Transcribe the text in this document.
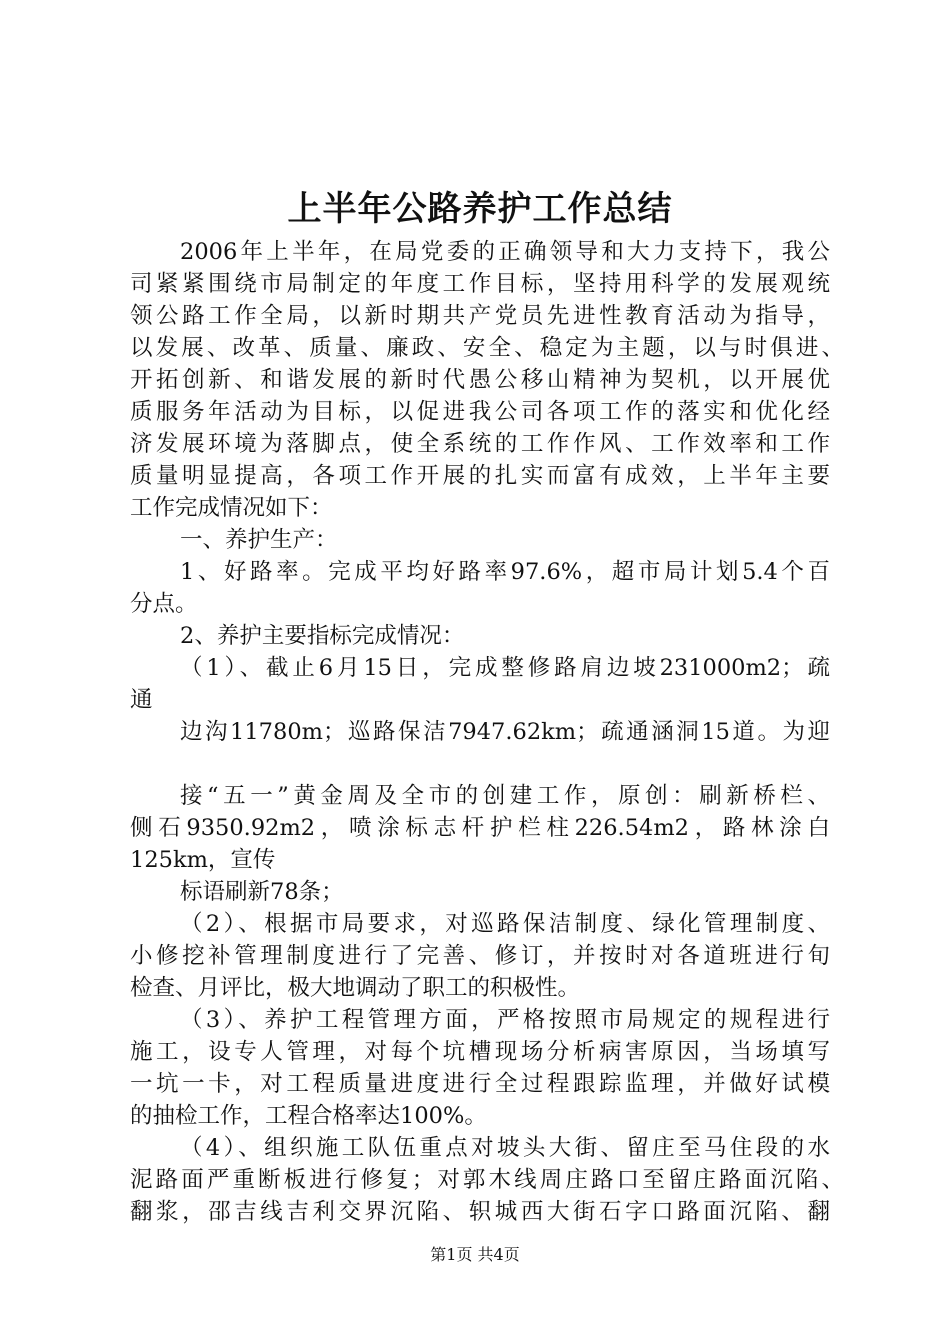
上半年公路养护工作总结
2006年上半年，在局党委的正确领导和大力支持下，我公
司紧紧围绕市局制定的年度工作目标，坚持用科学的发展观统
领公路工作全局，以新时期共产党员先进性教育活动为指导，
以发展、改革、质量、廉政、安全、稳定为主题，以与时俱进、
开拓创新、和谐发展的新时代愚公移山精神为契机，以开展优
质服务年活动为目标，以促进我公司各项工作的落实和优化经
济发展环境为落脚点，使全系统的工作作风、工作效率和工作
质量明显提高，各项工作开展的扎实而富有成效，上半年主要
工作完成情况如下：
一、养护生产：
1、好路率。完成平均好路率97.6%，超市局计划5.4个百
分点。
2、养护主要指标完成情况：
（1）、截止6月15日，完成整修路肩边坡231000m2；疏
通
边沟11780m；巡路保洁7947.62km；疏通涵洞15道。为迎
接“五一”黄金周及全市的创建工作，原创：刷新桥栏、
侧石9350.92m2，喷涂标志杆护栏柱226.54m2，路林涂白
125km，宣传
标语刷新78条；
（2）、根据市局要求，对巡路保洁制度、绿化管理制度、
小修挖补管理制度进行了完善、修订，并按时对各道班进行旬
检查、月评比，极大地调动了职工的积极性。
（3）、养护工程管理方面，严格按照市局规定的规程进行
施工，设专人管理，对每个坑槽现场分析病害原因，当场填写
一坑一卡，对工程质量进度进行全过程跟踪监理，并做好试模
的抽检工作，工程合格率达100%。
（4）、组织施工队伍重点对坡头大街、留庄至马住段的水
泥路面严重断板进行修复；对郭木线周庄路口至留庄路面沉陷、
翻浆，邵吉线吉利交界沉陷、轵城西大街石字口路面沉陷、翻
第1页 共4页
